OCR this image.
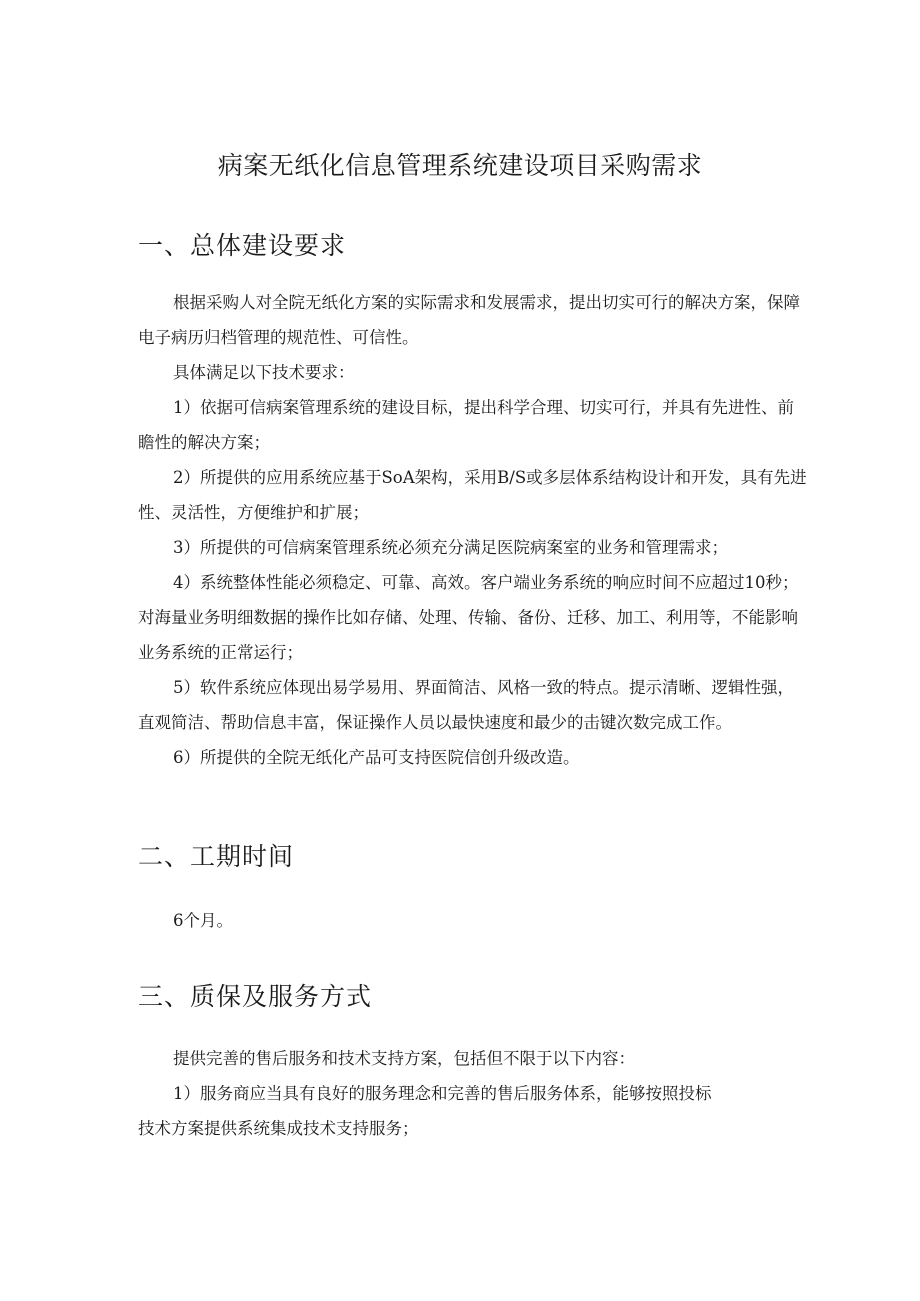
病案无纸化信息管理系统建设项目采购需求
一、总体建设要求
根据采购人对全院无纸化方案的实际需求和发展需求，提出切实可行的解决方案，保障
电子病历归档管理的规范性、可信性。
具体满足以下技术要求：
1）依据可信病案管理系统的建设目标，提出科学合理、切实可行，并具有先进性、前
瞻性的解决方案；
2）所提供的应用系统应基于SoA架构，采用B/S或多层体系结构设计和开发，具有先进
性、灵活性，方便维护和扩展；
3）所提供的可信病案管理系统必须充分满足医院病案室的业务和管理需求；
4）系统整体性能必须稳定、可靠、高效。客户端业务系统的响应时间不应超过10秒；
对海量业务明细数据的操作比如存储、处理、传输、备份、迁移、加工、利用等，不能影响
业务系统的正常运行；
5）软件系统应体现出易学易用、界面简洁、风格一致的特点。提示清晰、逻辑性强，
直观简洁、帮助信息丰富，保证操作人员以最快速度和最少的击键次数完成工作。
6）所提供的全院无纸化产品可支持医院信创升级改造。
二、工期时间
6个月。
三、质保及服务方式
提供完善的售后服务和技术支持方案，包括但不限于以下内容：
1）服务商应当具有良好的服务理念和完善的售后服务体系，能够按照投标
技术方案提供系统集成技术支持服务；
